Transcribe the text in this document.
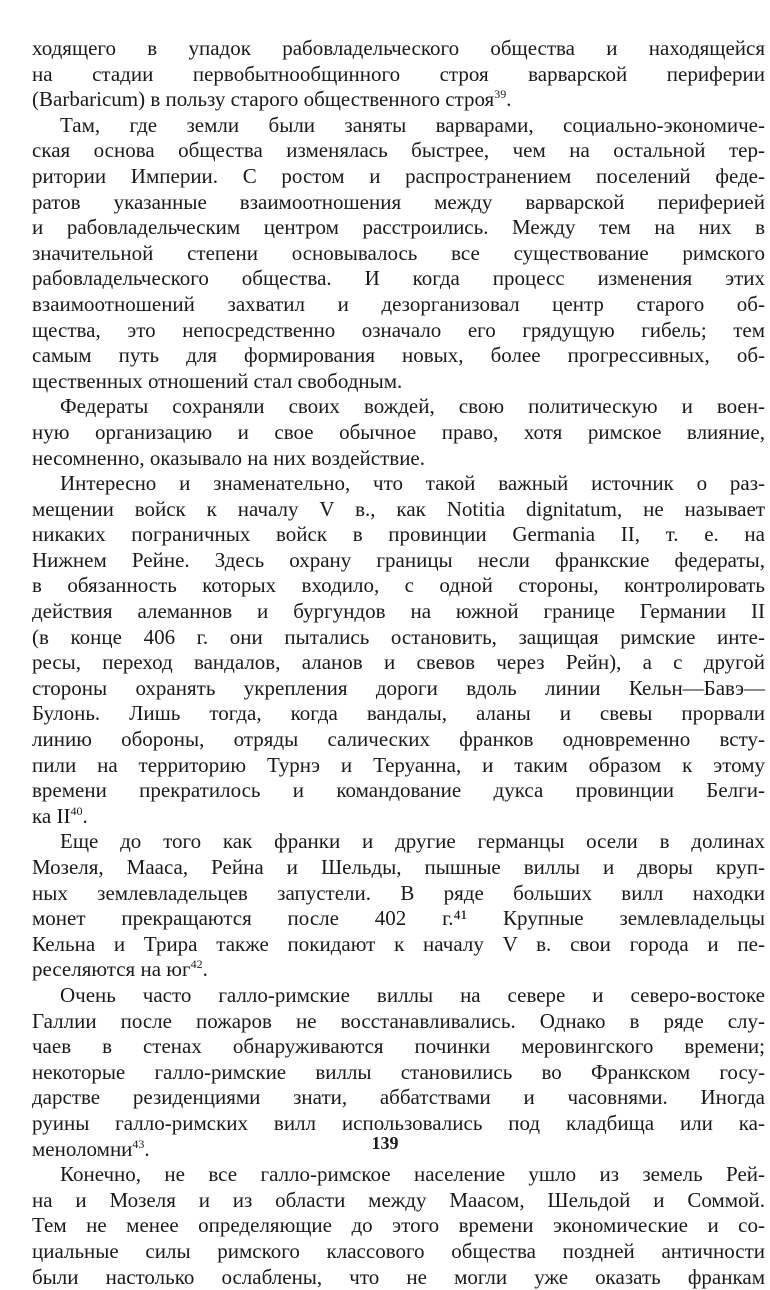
ходящего в упадок рабовладельческого общества и находящейся
на стадии первобытнообщинного строя варварской периферии
(Barbaricum) в пользу старого общественного строя$^{39}$.
Там, где земли были заняты варварами, социально-экономиче-
ская основа общества изменялась быстрее, чем на остальной тер-
ритории Империи. С ростом и распространением поселений феде-
ратов указанные взаимоотношения между варварской периферией
и рабовладельческим центром расстроились. Между тем на них в
значительной степени основывалось все существование римского
рабовладельческого общества. И когда процесс изменения этих
взаимоотношений захватил и дезорганизовал центр старого об-
щества, это непосредственно означало его грядущую гибель; тем
самым путь для формирования новых, более прогрессивных, об-
щественных отношений стал свободным.
Федераты сохраняли своих вождей, свою политическую и воен-
ную организацию и свое обычное право, хотя римское влияние,
несомненно, оказывало на них воздействие.
Интересно и знаменательно, что такой важный источник о раз-
мещении войск к началу V в., как Notitia dignitatum, не называет
никаких пограничных войск в провинции Germania II, т. е. на
Нижнем Рейне. Здесь охрану границы несли франкские федераты,
в обязанность которых входило, с одной стороны, контролировать
действия алеманнов и бургундов на южной границе Германии II
(в конце 406 г. они пытались остановить, защищая римские инте-
ресы, переход вандалов, аланов и свевов через Рейн), а с другой
стороны охранять укрепления дороги вдоль линии Кельн—Бавэ—
Булонь. Лишь тогда, когда вандалы, аланы и свевы прорвали
линию обороны, отряды салических франков одновременно всту-
пили на территорию Турнэ и Теруанна, и таким образом к этому
времени прекратилось и командование дукса провинции Белги-
ка II$^{40}$.
Еще до того как франки и другие германцы осели в долинах
Мозеля, Мааса, Рейна и Шельды, пышные виллы и дворы круп-
ных землевладельцев запустели. В ряде больших вилл находки
монет прекращаются после 402 г.⁴¹ Крупные землевладельцы
Кельна и Трира также покидают к началу V в. свои города и пе-
реселяются на $юг^{42}$.
Очень часто галло-римские виллы на севере и северо-востоке
Галлии после пожаров не восстанавливались. Однако в ряде слу-
чаев в стенах обнаруживаются починки меровингского времени;
некоторые галло-римские виллы становились во Франкском госу-
дарстве резиденциями знати, аббатствами и часовнями. Иногда
руины галло-римских вилл использовались под кладбища или ка-
меноломни$^{43}$.
Конечно, не все галло-римское население ушло из земель Рей-
на и Мозеля и из области между Маасом, Шельдой и Соммой.
Тем не менее определяющие до этого времени экономические и со-
циальные силы римского классового общества поздней античности
были настолько ослаблены, что не могли уже оказать франкам
139
